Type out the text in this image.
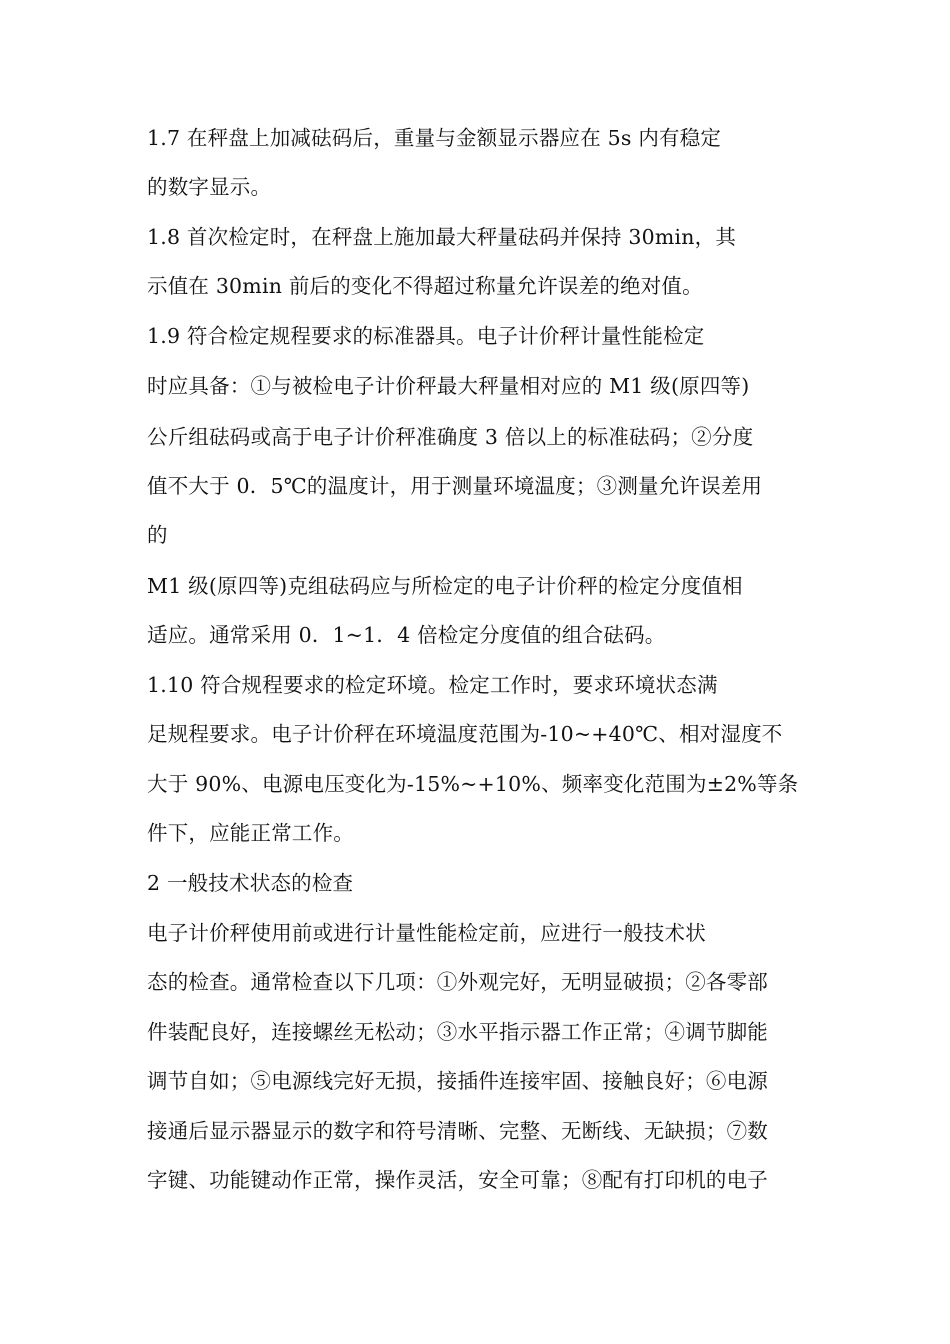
1.7 在秤盘上加减砝码后，重量与金额显示器应在 5s 内有稳定
的数字显示。
1.8 首次检定时，在秤盘上施加最大秤量砝码并保持 30min，其
示值在 30min 前后的变化不得超过称量允许误差的绝对值。
1.9 符合检定规程要求的标准器具。电子计价秤计量性能检定
时应具备：①与被检电子计价秤最大秤量相对应的 M1 级(原四等)
公斤组砝码或高于电子计价秤准确度 3 倍以上的标准砝码；②分度
值不大于 0．5℃的温度计，用于测量环境温度；③测量允许误差用
的
M1 级(原四等)克组砝码应与所检定的电子计价秤的检定分度值相
适应。通常采用 0．1~1．4 倍检定分度值的组合砝码。
1.10 符合规程要求的检定环境。检定工作时，要求环境状态满
足规程要求。电子计价秤在环境温度范围为-10~+40℃、相对湿度不
大于 90%、电源电压变化为-15%~+10%、频率变化范围为±2%等条
件下，应能正常工作。
2 一般技术状态的检查
电子计价秤使用前或进行计量性能检定前，应进行一般技术状
态的检查。通常检查以下几项：①外观完好，无明显破损；②各零部
件装配良好，连接螺丝无松动；③水平指示器工作正常；④调节脚能
调节自如；⑤电源线完好无损，接插件连接牢固、接触良好；⑥电源
接通后显示器显示的数字和符号清晰、完整、无断线、无缺损；⑦数
字键、功能键动作正常，操作灵活，安全可靠；⑧配有打印机的电子
